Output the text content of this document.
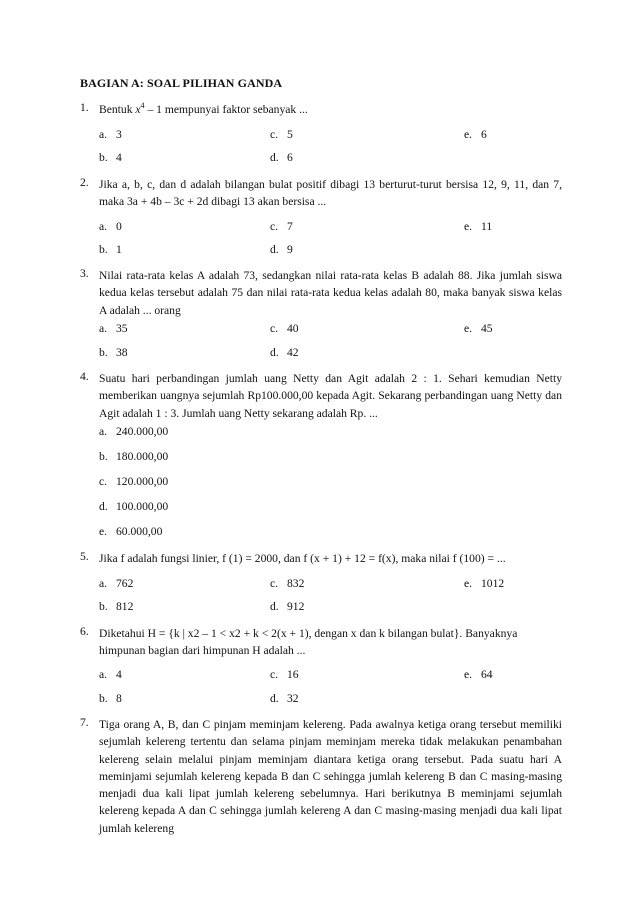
BAGIAN A: SOAL PILIHAN GANDA
1. Bentuk $x^4 - 1$ mempunyai faktor sebanyak ...
a. 3
b. 4
c. 5
d. 6
e. 6
2. Jika a, b, c, dan d adalah bilangan bulat positif dibagi 13 berturut-turut bersisa 12, 9, 11, dan 7, maka 3a + 4b – 3c + 2d dibagi 13 akan bersisa ...
a. 0
b. 1
c. 7
d. 9
e. 11
3. Nilai rata-rata kelas A adalah 73, sedangkan nilai rata-rata kelas B adalah 88. Jika jumlah siswa kedua kelas tersebut adalah 75 dan nilai rata-rata kedua kelas adalah 80, maka banyak siswa kelas A adalah ... orang
a. 35
b. 38
c. 40
d. 42
e. 45
4. Suatu hari perbandingan jumlah uang Netty dan Agit adalah 2 : 1. Sehari kemudian Netty memberikan uangnya sejumlah Rp100.000,00 kepada Agit. Sekarang perbandingan uang Netty dan Agit adalah 1 : 3. Jumlah uang Netty sekarang adalah Rp. ...
a. 240.000,00
b. 180.000,00
c. 120.000,00
d. 100.000,00
e. 60.000,00
5. Jika f adalah fungsi linier, f (1) = 2000, dan f (x + 1) + 12 = f(x), maka nilai f (100) = ...
a. 762
b. 812
c. 832
d. 912
e. 1012
6. Diketahui H = {k | x2 – 1 < x2 + k < 2(x + 1), dengan x dan k bilangan bulat}. Banyaknya
himpunan bagian dari himpunan H adalah ...
a. 4
b. 8
c. 16
d. 32
e. 64
7. Tiga orang A, B, dan C pinjam meminjam kelereng. Pada awalnya ketiga orang tersebut memiliki sejumlah kelereng tertentu dan selama pinjam meminjam mereka tidak melakukan penambahan kelereng selain melalui pinjam meminjam diantara ketiga orang tersebut. Pada suatu hari A meminjami sejumlah kelereng kepada B dan C sehingga jumlah kelereng B dan C masing-masing menjadi dua kali lipat jumlah kelereng sebelumnya. Hari berikutnya B meminjami sejumlah kelereng kepada A dan C sehingga jumlah kelereng A dan C masing-masing menjadi dua kali lipat jumlah kelereng
